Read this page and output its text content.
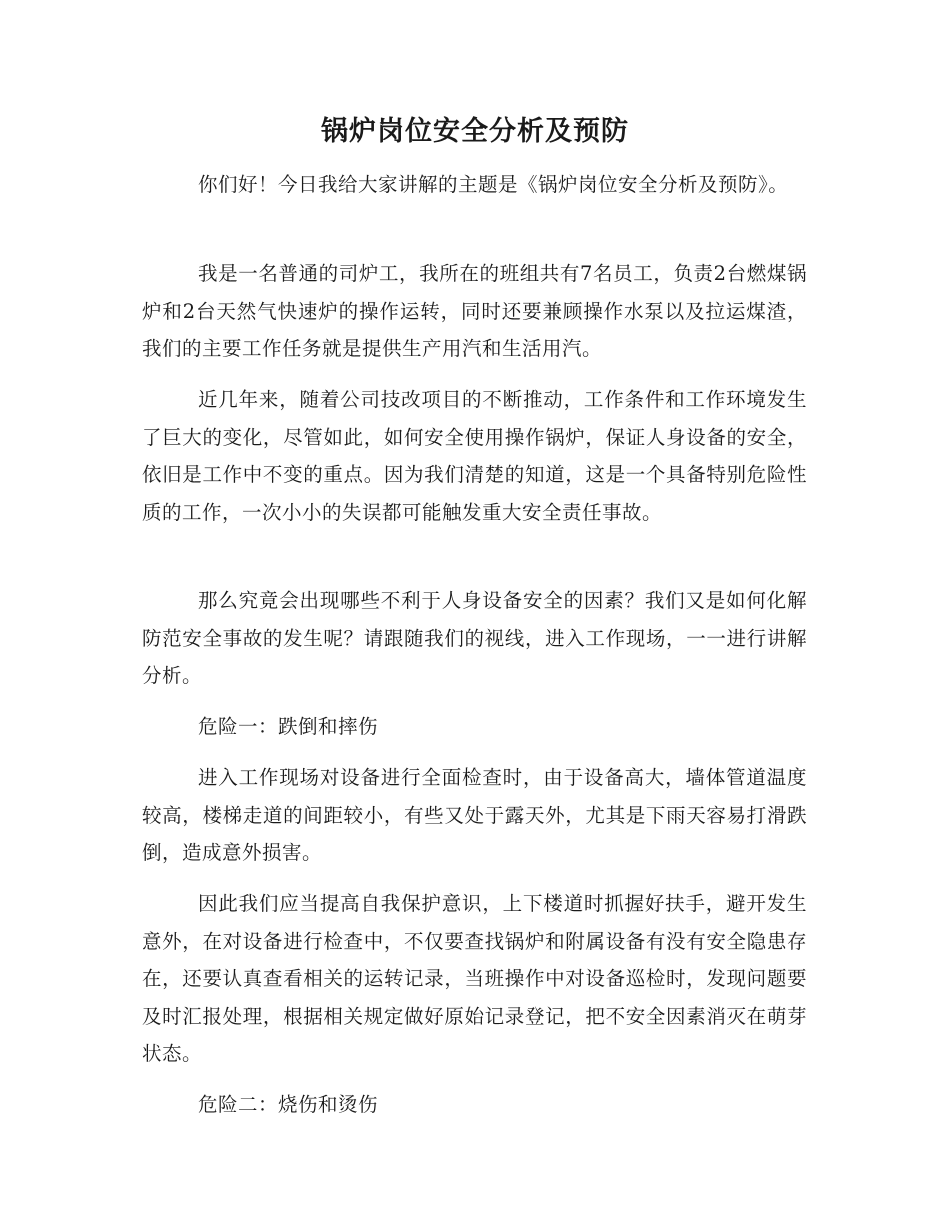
锅炉岗位安全分析及预防

你们好！今日我给大家讲解的主题是《锅炉岗位安全分析及预防》。

我是一名普通的司炉工，我所在的班组共有7名员工，负责2台燃煤锅炉和2台天然气快速炉的操作运转，同时还要兼顾操作水泵以及拉运煤渣，我们的主要工作任务就是提供生产用汽和生活用汽。

近几年来，随着公司技改项目的不断推动，工作条件和工作环境发生了巨大的变化，尽管如此，如何安全使用操作锅炉，保证人身设备的安全，依旧是工作中不变的重点。因为我们清楚的知道，这是一个具备特别危险性质的工作，一次小小的失误都可能触发重大安全责任事故。

那么究竟会出现哪些不利于人身设备安全的因素？我们又是如何化解防范安全事故的发生呢？请跟随我们的视线，进入工作现场，一一进行讲解分析。

危险一：跌倒和摔伤

进入工作现场对设备进行全面检查时，由于设备高大，墙体管道温度较高，楼梯走道的间距较小，有些又处于露天外，尤其是下雨天容易打滑跌倒，造成意外损害。

因此我们应当提高自我保护意识，上下楼道时抓握好扶手，避开发生意外，在对设备进行检查中，不仅要查找锅炉和附属设备有没有安全隐患存在，还要认真查看相关的运转记录，当班操作中对设备巡检时，发现问题要及时汇报处理，根据相关规定做好原始记录登记，把不安全因素消灭在萌芽状态。

危险二：烧伤和烫伤
